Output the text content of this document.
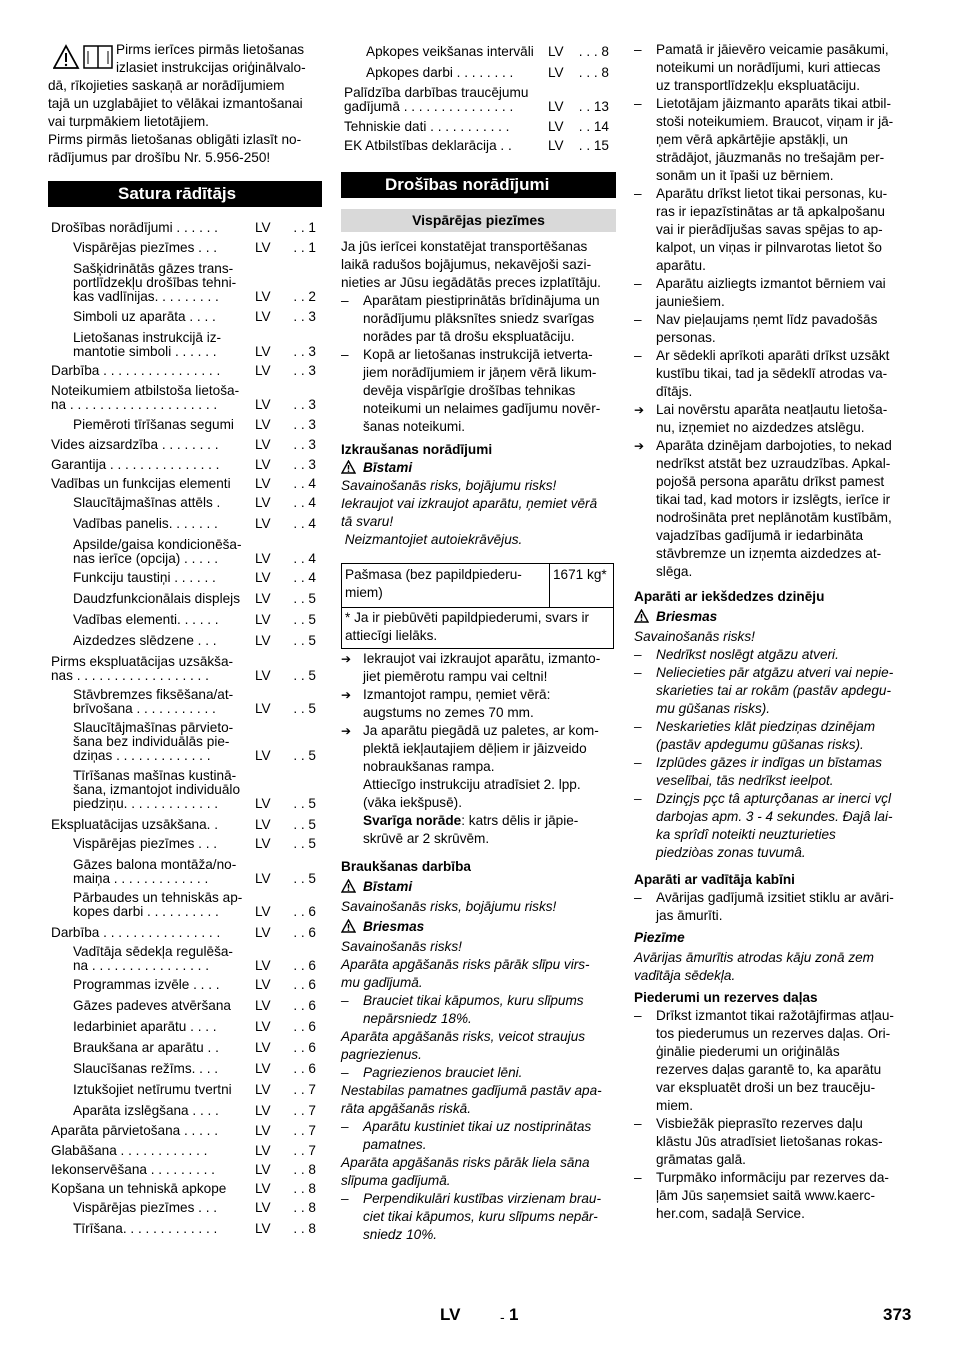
Pirms ierīces pirmās lietošanas
izlasiet instrukcijas oriģinālvalo-
dā, rīkojieties saskaņā ar norādījumiem
tajā un uzglabājiet to vēlākai izmantošanai
vai turpmākiem lietotājiem.
Pirms pirmās lietošanas obligāti izlasīt no-
rādījumus par drošību Nr. 5.956-250!
Satura rādītājs
Drošības norādījumi . . . . . .	LV	. . 1
Vispārējas piezīmes . . .	LV	. . 1
Sašķidrinātās gāzes trans-
portlīdzekļu drošības tehni-
kas vadlīnijas. . . . . . . . .	LV	. . 2
Simboli uz aparāta . . . .	LV	. . 3
Lietošanas instrukcijā iz-
mantotie simboli . . . . . .	LV	. . 3
Darbība . . . . . . . . . . . . . . . .	LV	. . 3
Noteikumiem atbilstoša lietoša-
na . . . . . . . . . . . . . . . . . . . .	LV	. . 3
Piemēroti tīrīšanas segumi	LV	. . 3
Vides aizsardzība . . . . . . . .	LV	. . 3
Garantija . . . . . . . . . . . . . . .	LV	. . 3
Vadības un funkcijas elementi	LV	. . 4
Slaucītājmašīnas attēls .	LV	. . 4
Vadības panelis. . . . . . .	LV	. . 4
Apsilde/gaisa kondicionēša-
nas ierīce (opcija) . . . . .	LV	. . 4
Funkciju taustiņi . . . . . .	LV	. . 4
Daudzfunkcionālais displejs	LV	. . 5
Vadības elementi. . . . . .	LV	. . 5
Aizdedzes slēdzene . . .	LV	. . 5
Pirms ekspluatācijas uzsākša-
nas . . . . . . . . . . . . . . . . . .	LV	. . 5
Stāvbremzes fiksēšana/at-
brīvošana . . . . . . . . . . .	LV	. . 5
Slaucītājmašīnas pārvieto-
šana bez individuālās pie-
dziņas . . . . . . . . . . . . .	LV	. . 5
Tīrīšanas mašīnas kustinā-
šana, izmantojot individuālo
piedziņu. . . . . . . . . . . . .	LV	. . 5
Ekspluatācijas uzsākšana. .	LV	. . 5
Vispārējas piezīmes . . .	LV	. . 5
Gāzes balona montāža/no-
maiņa . . . . . . . . . . . . .	LV	. . 5
Pārbaudes un tehniskās ap-
kopes darbi . . . . . . . . . .	LV	. . 6
Darbība . . . . . . . . . . . . . . . .	LV	. . 6
Vadītāja sēdekļa regulēša-
na . . . . . . . . . . . . . . . .	LV	. . 6
Programmas izvēle . . . .	LV	. . 6
Gāzes padeves atvēršana	LV	. . 6
Iedarbiniet aparātu . . . .	LV	. . 6
Braukšana ar aparātu . .	LV	. . 6
Slaucīšanas režīms. . . .	LV	. . 6
Iztukšojiet netīrumu tvertni	LV	. . 7
Aparāta izslēgšana . . . .	LV	. . 7
Aparāta pārvietošana . . . . .	LV	. . 7
Glabāšana . . . . . . . . . . . .	LV	. . 7
Iekonservēšana . . . . . . . . .	LV	. . 8
Kopšana un tehniskā apkope	LV	. . 8
Vispārējas piezīmes . . .	LV	. . 8
Tīrīšana. . . . . . . . . . . . .	LV	. . 8
Apkopes veikšanas intervāli	LV	. . . 8
Apkopes darbi . . . . . . . .	LV	. . . 8
Palīdzība darbības traucējumu
gadījumā . . . . . . . . . . . . . . .	LV	. . 13
Tehniskie dati . . . . . . . . . . .	LV	. . 14
EK Atbilstības deklarācija . .	LV	. . 15
Drošības norādījumi
Vispārējas piezīmes

Ja jūs ierīcei konstatējat transportēšanas
laikā radušos bojājumus, nekavējoši sazi-
nieties ar Jūsu iegādātās preces izplatītāju.

– Aparātam piestiprinātās brīdinājuma un
norādījumu plāksnītes sniedz svarīgas
norādes par tā drošu ekspluatāciju.
– Kopā ar lietošanas instrukcijā ietverta-
jiem norādījumiem ir jāņem vērā likum-
devēja vispārīgie drošības tehnikas
noteikumi un nelaimes gadījumu novēr-
šanas noteikumi.
Izkraušanas norādījumi
Bīstami
Savainošanās risks, bojājumu risks!
Iekraujot vai izkraujot aparātu, ņemiet vērā
tā svaru!
Neizmantojiet autoiekrāvējus.
Pašmasa (bez papildpiederu-
miem)
1671 kg*
* Ja ir piebūvēti papildpiederumi, svars ir
attiecīgi lielāks.
➔ Iekraujot vai izkraujot aparātu, izmanto-
jiet piemērotu rampu vai celtni!
➔ Izmantojot rampu, ņemiet vērā:
augstums no zemes 70 mm.
➔ Ja aparātu piegādā uz paletes, ar kom-
plektā iekļautajiem dēļiem ir jāizveido
nobraukšanas rampa.
Attiecīgo instrukciju atradīsiet 2. lpp.
(vāka iekšpusē).
Svarīga norāde: katrs dēlis ir jāpie-
skrūvē ar 2 skrūvēm.
Braukšanas darbība
Bīstami
Savainošanās risks, bojājumu risks!
Briesmas
Savainošanās risks!
Aparāta apgāšanās risks pārāk slīpu virs-
mu gadījumā.
– Brauciet tikai kāpumos, kuru slīpums
nepārsniedz 18%.
Aparāta apgāšanās risks, veicot straujus
pagriezienus.
– Pagriezienos brauciet lēni.
Nestabilas pamatnes gadījumā pastāv apa-
rāta apgāšanās riskā.
– Aparātu kustiniet tikai uz nostiprinātas
pamatnes.
Aparāta apgāšanās risks pārāk liela sāna
slīpuma gadījumā.
– Perpendikulāri kustības virzienam brau-
ciet tikai kāpumos, kuru slīpums nepār-
sniedz 10%.
– Pamatā ir jāievēro veicamie pasākumi,
noteikumi un norādījumi, kuri attiecas
uz transportlīdzekļu ekspluatāciju.
– Lietotājam jāizmanto aparāts tikai atbil-
stoši noteikumiem. Braucot, viņam ir jā-
ņem vērā apkārtējie apstākļi, un
strādājot, jāuzmanās no trešajām per-
sonām un it īpaši uz bērniem.
– Aparātu drīkst lietot tikai personas, ku-
ras ir iepazīstinātas ar tā apkalpošanu
vai ir pierādījušas savas spējas to ap-
kalpot, un viņas ir pilnvarotas lietot šo
aparātu.
– Aparātu aizliegts izmantot bērniem vai
jauniešiem.
– Nav pieļaujams ņemt līdz pavadošās
personas.
– Ar sēdekli aprīkoti aparāti drīkst uzsākt
kustību tikai, tad ja sēdeklī atrodas va-
dītājs.
➔ Lai novērstu aparāta neatļautu lietoša-
nu, izņemiet no aizdedzes atslēgu.
➔ Aparāta dzinējam darbojoties, to nekad
nedrīkst atstāt bez uzraudzības. Apkal-
pojošā persona aparātu drīkst pamest
tikai tad, kad motors ir izslēgts, ierīce ir
nodrošināta pret neplānotām kustībām,
vajadzības gadījumā ir iedarbināta
stāvbremze un izņemta aizdedzes at-
slēga.
Aparāti ar iekšdedzes dzinēju
Briesmas
Savainošanās risks!
– Nedrīkst noslēgt atgāzu atveri.
– Neliecieties pār atgāzu atveri vai nepie-
skarieties tai ar rokām (pastāv apdegu-
mu gūšanas risks).
– Neskarieties klāt piedziņas dzinējam
(pastāv apdegumu gūšanas risks).
– Izplūdes gāzes ir indīgas un bīstamas
veselībai, tās nedrīkst ieelpot.
– Dzinçjs pçc tâ apturçðanas ar inerci vçl
darbojas apm. 3 - 4 sekundes. Ðajâ lai-
ka sprîdî noteikti neuzturieties
piedziòas zonas tuvumâ.
Aparāti ar vadītāja kabīni
– Avārijas gadījumā izsitiet stiklu ar avāri-
jas āmurīti.
Piezīme
Avārijas āmurītis atrodas kāju zonā zem
vadītāja sēdekļa.
Piederumi un rezerves daļas
– Drīkst izmantot tikai ražotājfirmas atļau-
tos piederumus un rezerves daļas. Ori-
ģinālie piederumi un oriģinālās
rezerves daļas garantē to, ka aparātu
var ekspluatēt droši un bez traucēju-
miem.
– Visbiežāk pieprasīto rezerves daļu
klāstu Jūs atradīsiet lietošanas rokas-
grāmatas galā.
– Turpmāko informāciju par rezerves da-
ļām Jūs saņemsiet saitā www.kaerc-
her.com, sadaļā Service.
LV	- 1	373
